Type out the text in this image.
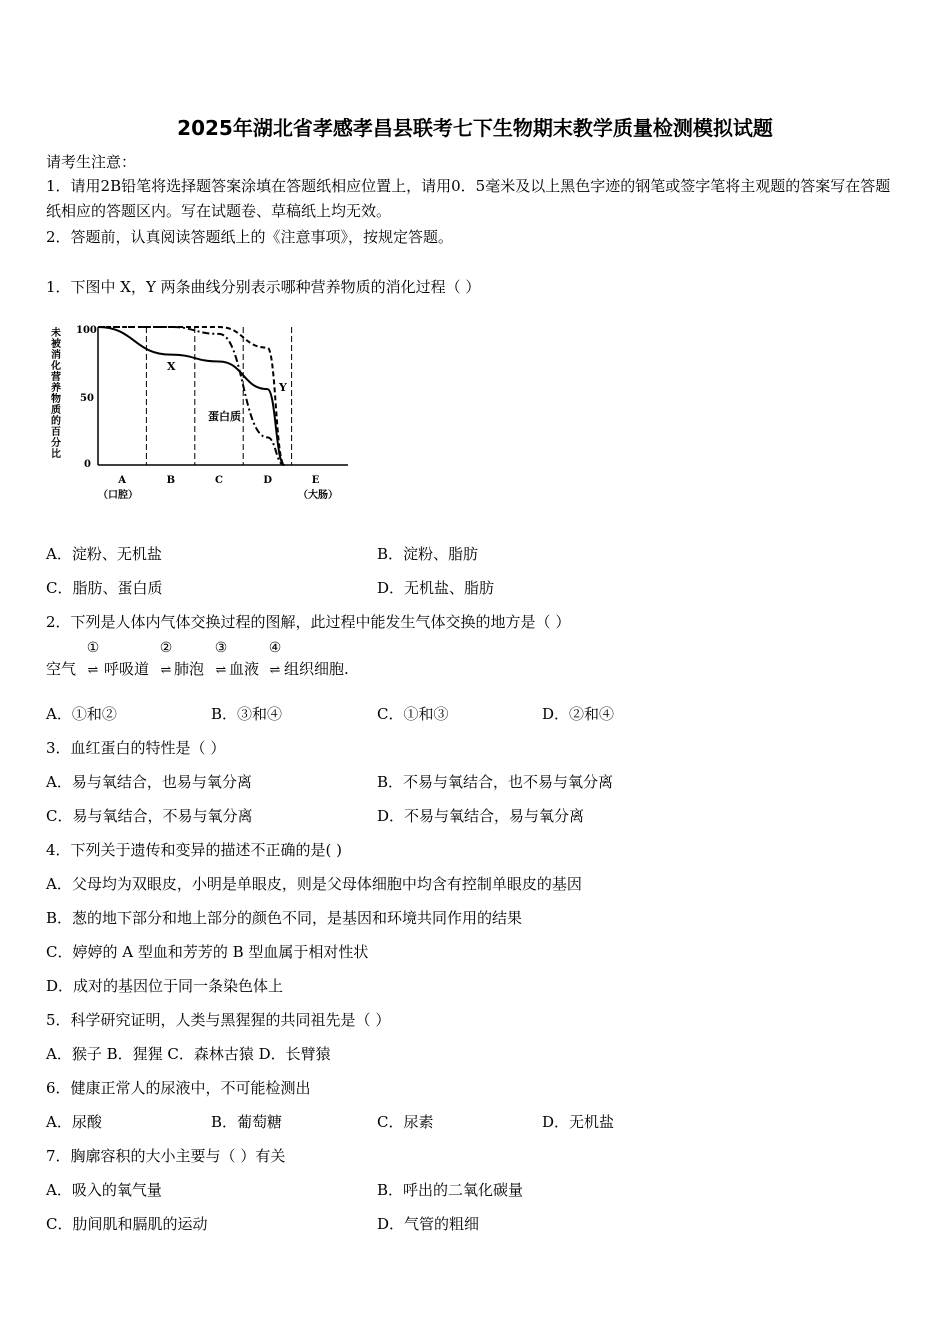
2025年湖北省孝感孝昌县联考七下生物期末教学质量检测模拟试题
请考生注意：
1．请用2B铅笔将选择题答案涂填在答题纸相应位置上，请用0．5毫米及以上黑色字迹的钢笔或签字笔将主观题的答案写在答题纸相应的答题区内。写在试题卷、草稿纸上均无效。
2．答题前，认真阅读答题纸上的《注意事项》，按规定答题。
1．下图中 X，Y 两条曲线分别表示哪种营养物质的消化过程（ ）
未被消化营养物质的百分比 100
50
0
A	B	C	D	E
X
Y
蛋白质
（口腔）	（大肠）
A．淀粉、无机盐	B．淀粉、脂肪
C．脂肪、蛋白质	D．无机盐、脂肪
2．下列是人体内气体交换过程的图解，此过程中能发生气体交换的地方是（ ）
空气
①
⇌ 呼吸道
②
⇌ 肺泡
③
⇌ 血液
④
⇌ 组织细胞.
A．①和②	B．③和④	C．①和③	D．②和④
3．血红蛋白的特性是（ ）
A．易与氧结合，也易与氧分离	B．不易与氧结合，也不易与氧分离
C．易与氧结合，不易与氧分离	D．不易与氧结合，易与氧分离
4．下列关于遗传和变异的描述不正确的是( )
A．父母均为双眼皮，小明是单眼皮，则是父母体细胞中均含有控制单眼皮的基因
B．葱的地下部分和地上部分的颜色不同，是基因和环境共同作用的结果
C．婷婷的 A 型血和芳芳的 B 型血属于相对性状
D．成对的基因位于同一条染色体上
5．科学研究证明，人类与黑猩猩的共同祖先是（ ）
A．猴子 B．猩猩 C．森林古猿 D．长臂猿
6．健康正常人的尿液中，不可能检测出
A．尿酸	B．葡萄糖	C．尿素	D．无机盐
7．胸廓容积的大小主要与（ ）有关
A．吸入的氧气量	B．呼出的二氧化碳量
C．肋间肌和膈肌的运动	D．气管的粗细
